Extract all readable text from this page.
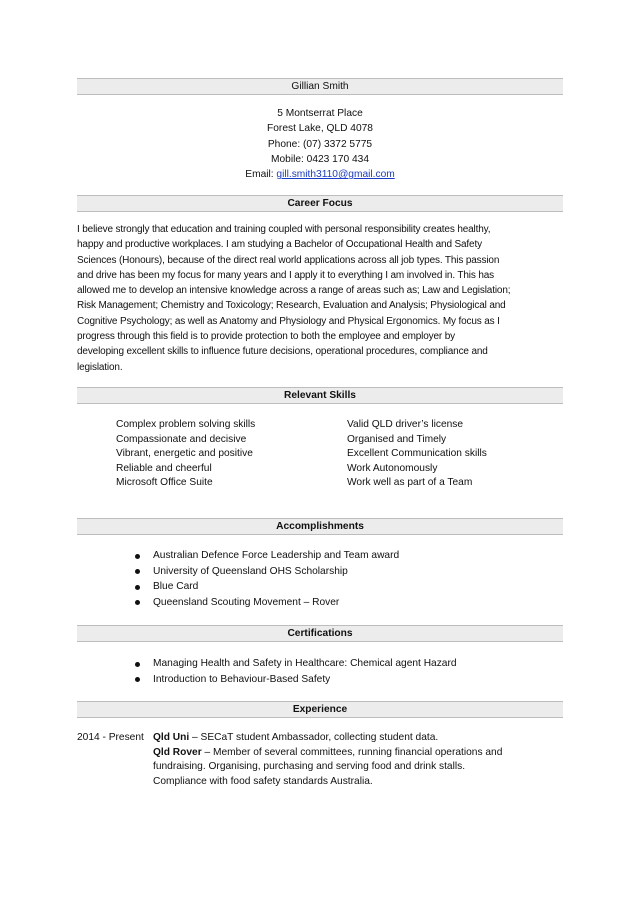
Gillian Smith
5 Montserrat Place
Forest Lake, QLD 4078
Phone: (07) 3372 5775
Mobile: 0423 170 434
Email: gill.smith3110@gmail.com
Career Focus
I believe strongly that education and training coupled with personal responsibility creates healthy,
happy and productive workplaces. I am studying a Bachelor of Occupational Health and Safety
Sciences (Honours), because of the direct real world applications across all job types. This passion
and drive has been my focus for many years and I apply it to everything I am involved in. This has
allowed me to develop an intensive knowledge across a range of areas such as; Law and Legislation;
Risk Management; Chemistry and Toxicology; Research, Evaluation and Analysis; Physiological and
Cognitive Psychology; as well as Anatomy and Physiology and Physical Ergonomics. My focus as I
progress through this field is to provide protection to both the employee and employer by
developing excellent skills to influence future decisions, operational procedures, compliance and
legislation.
Relevant Skills
Complex problem solving skills
Compassionate and decisive
Vibrant, energetic and positive
Reliable and cheerful
Microsoft Office Suite
Valid QLD driver’s license
Organised and Timely
Excellent Communication skills
Work Autonomously
Work well as part of a Team
Accomplishments
Australian Defence Force Leadership and Team award
University of Queensland OHS Scholarship
Blue Card
Queensland Scouting Movement – Rover
Certifications
Managing Health and Safety in Healthcare: Chemical agent Hazard
Introduction to Behaviour-Based Safety
Experience
2014 - Present Qld Uni – SECaT student Ambassador, collecting student data.
Qld Rover – Member of several committees, running financial operations and
fundraising. Organising, purchasing and serving food and drink stalls.
Compliance with food safety standards Australia.
